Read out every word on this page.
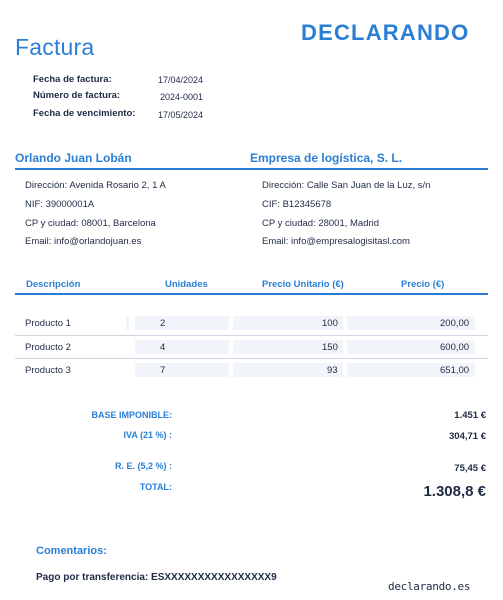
Factura
DECLARANDO
Fecha de factura:	17/04/2024
Número de factura:	2024-0001
Fecha de vencimiento:	17/05/2024
Orlando Juan Lobán	Empresa de logística, S. L.
Dirección: Avenida Rosario 2, 1 A
NIF: 39000001A
CP y ciudad: 08001, Barcelona
Email: info@orlandojuan.es
Dirección: Calle San Juan de la Luz, s/n
CIF: B12345678
CP y ciudad: 28001, Madrid
Email: info@empresalogisitasl.com
Descripción	Unidades	Precio Unitario (€)	Precio (€)
Producto 1	2	100	200,00
Producto 2	4	150	600,00
Producto 3	7	93	651,00
BASE IMPONIBLE:	1.451 €
IVA (21 %) :	304,71 €
R. E. (5,2 %) :	75,45 €
TOTAL:	1.308,8 €
Comentarios:
Pago por transferencia: ESXXXXXXXXXXXXXXXX9
declarando.es
